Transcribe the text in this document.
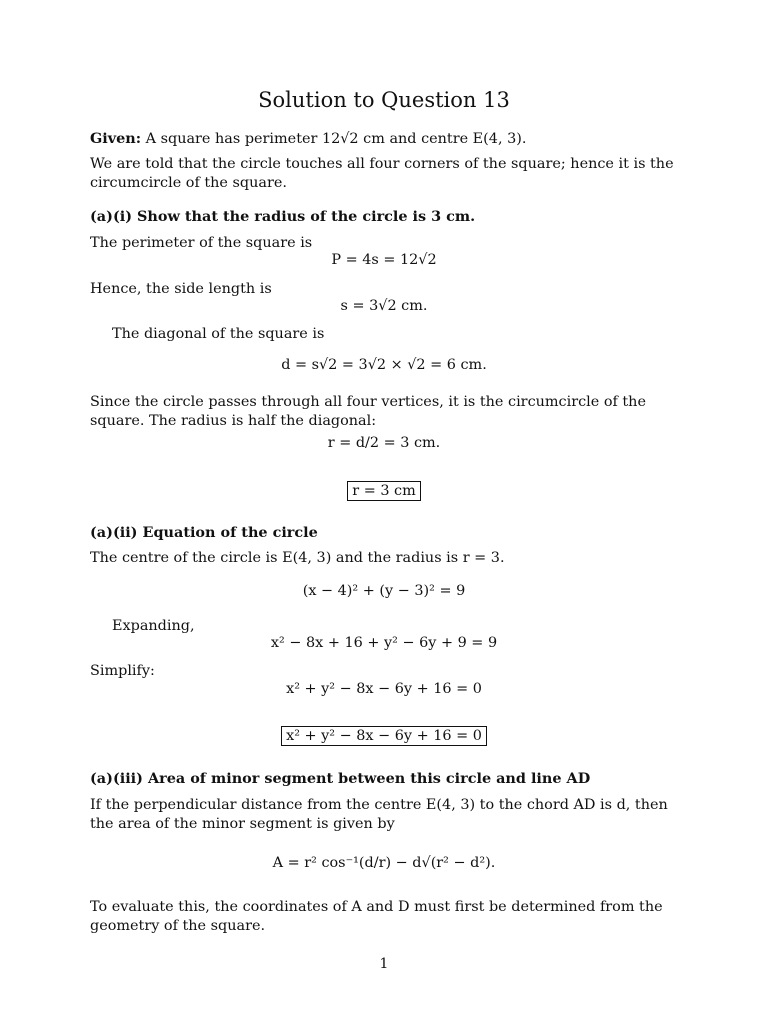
Solution to Question 13
Given: A square has perimeter 12√2 cm and centre E(4, 3).
We are told that the circle touches all four corners of the square; hence it is the circumcircle of the square.
(a)(i) Show that the radius of the circle is 3 cm.
The perimeter of the square is
P = 4s = 12√2
Hence, the side length is
s = 3√2 cm.
The diagonal of the square is
d = s√2 = 3√2 × √2 = 6 cm.
Since the circle passes through all four vertices, it is the circumcircle of the square. The radius is half the diagonal:
r = d/2 = 3 cm.
r = 3 cm
(a)(ii) Equation of the circle
The centre of the circle is E(4, 3) and the radius is r = 3.
(x − 4)² + (y − 3)² = 9
Expanding,
x² − 8x + 16 + y² − 6y + 9 = 9
Simplify:
x² + y² − 8x − 6y + 16 = 0
x² + y² − 8x − 6y + 16 = 0
(a)(iii) Area of minor segment between this circle and line AD
If the perpendicular distance from the centre E(4, 3) to the chord AD is d, then the area of the minor segment is given by
A = r² cos⁻¹(d/r) − d√(r² − d²).
To evaluate this, the coordinates of A and D must first be determined from the geometry of the square.
1
